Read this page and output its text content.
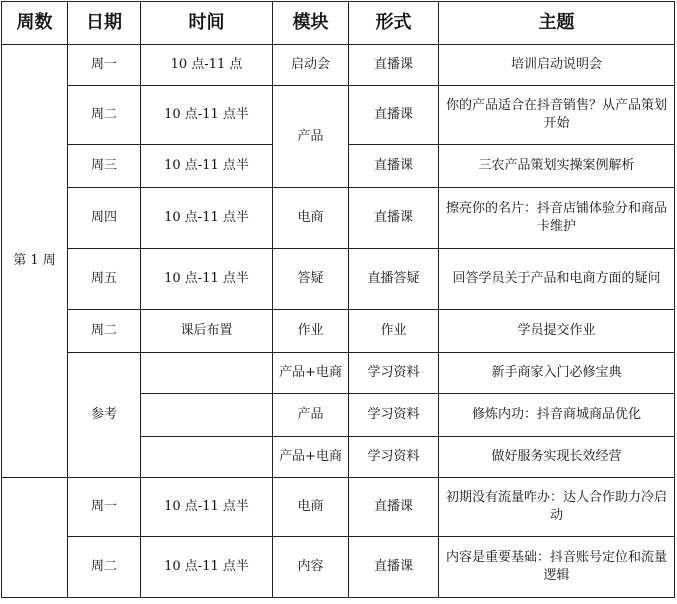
周数	日期	时间	模块	形式	主题
第 1 周	周一	10 点-11 点	启动会	直播课	培训启动说明会
	周二	10 点-11 点半	产品	直播课	你的产品适合在抖音销售？从产品策划开始
	周三	10 点-11 点半		直播课	三农产品策划实操案例解析
	周四	10 点-11 点半	电商	直播课	擦亮你的名片：抖音店铺体验分和商品卡维护
	周五	10 点-11 点半	答疑	直播答疑	回答学员关于产品和电商方面的疑问
	周二	课后布置	作业	作业	学员提交作业
	参考		产品+电商	学习资料	新手商家入门必修宝典
			产品	学习资料	修炼内功：抖音商城商品优化
			产品+电商	学习资料	做好服务实现长效经营
	周一	10 点-11 点半	电商	直播课	初期没有流量咋办：达人合作助力冷启动
	周二	10 点-11 点半	内容	直播课	内容是重要基础：抖音账号定位和流量逻辑
